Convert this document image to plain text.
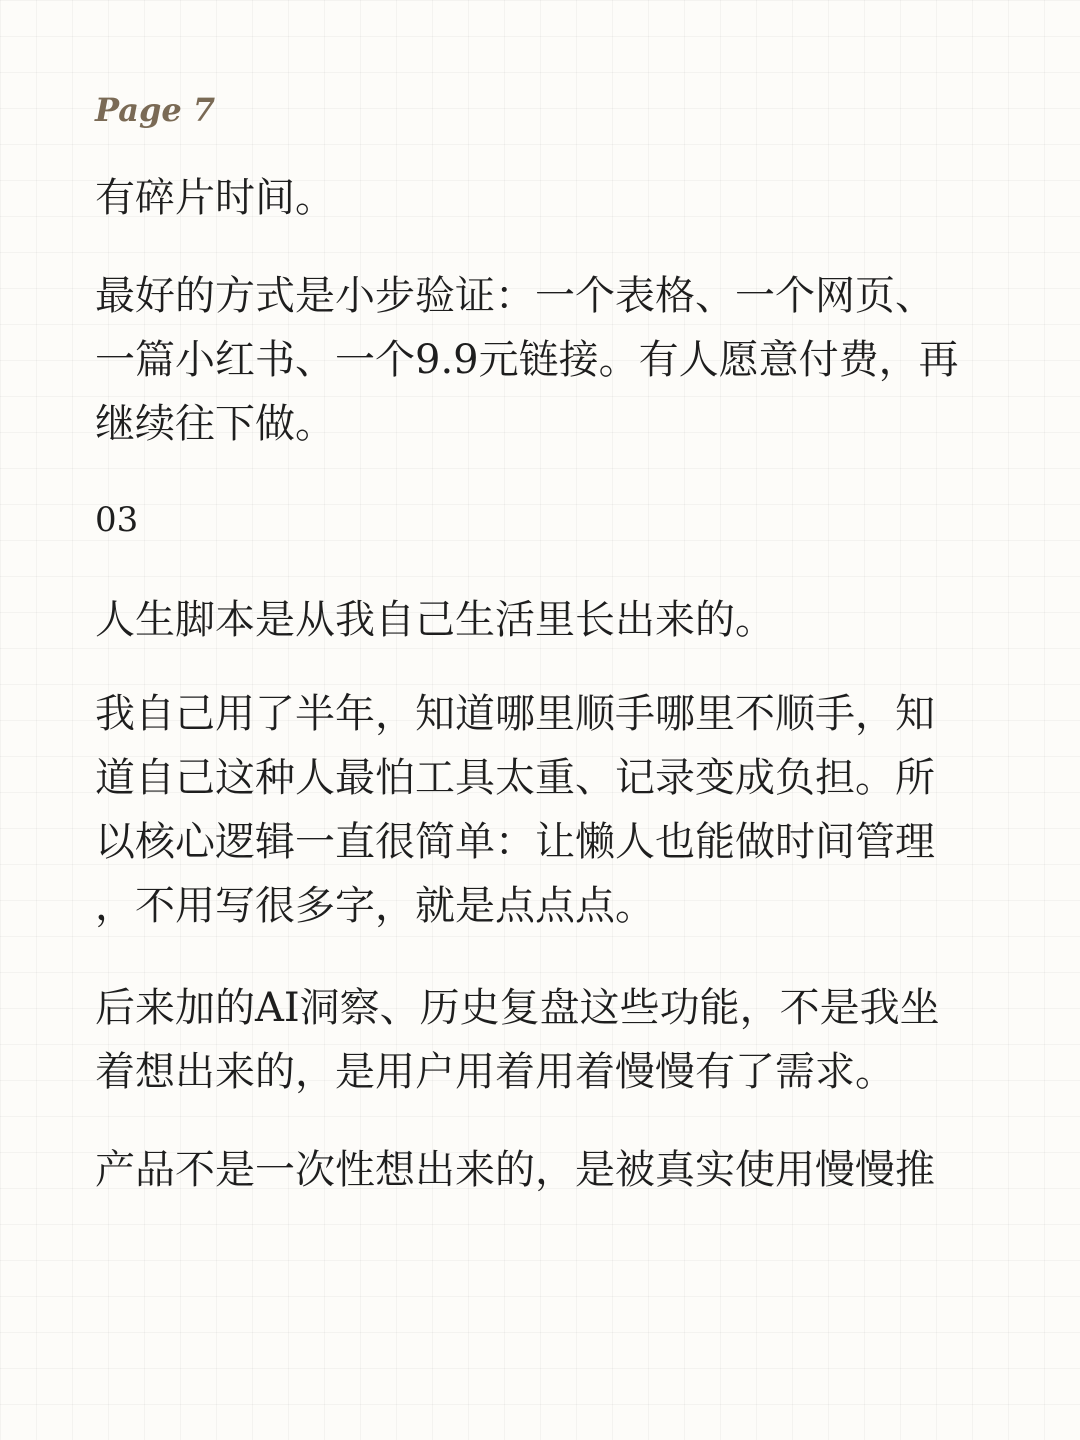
Page 7

有碎片时间。

最好的方式是小步验证：一个表格、一个网页、
一篇小红书、一个9.9元链接。有人愿意付费，再
继续往下做。

03

人生脚本是从我自己生活里长出来的。

我自己用了半年，知道哪里顺手哪里不顺手，知
道自己这种人最怕工具太重、记录变成负担。所
以核心逻辑一直很简单：让懒人也能做时间管理
，不用写很多字，就是点点点。

后来加的AI洞察、历史复盘这些功能，不是我坐
着想出来的，是用户用着用着慢慢有了需求。

产品不是一次性想出来的，是被真实使用慢慢推
